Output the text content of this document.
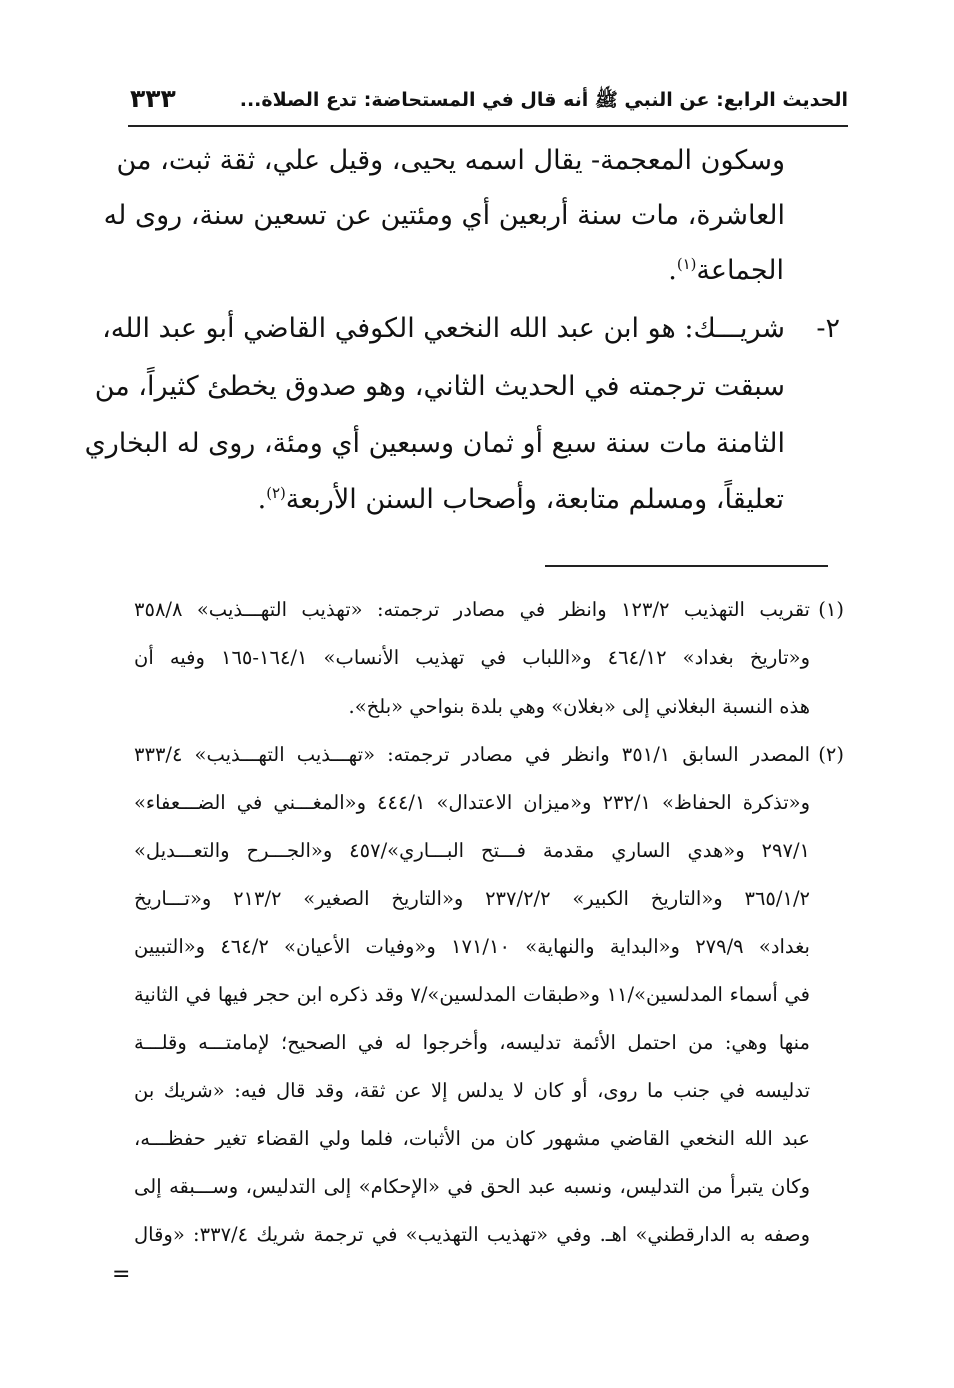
٣٣٣	الحديث الرابع: عن النبي ﷺ أنه قال في المستحاضة: تدع الصلاة...
وسكون المعجمة- يقال اسمه يحيى، وقيل علي، ثقة ثبت، من
العاشرة، مات سنة أربعين أي ومئتين عن تسعين سنة، روى له
الجماعة$^{(١)}$.
٢-
شريـــك: هو ابن عبد الله النخعي الكوفي القاضي أبو عبد الله،
سبقت ترجمته في الحديث الثاني، وهو صدوق يخطئ كثيراً، من
الثامنة مات سنة سبع أو ثمان وسبعين أي ومئة، روى له البخاري
تعليقاً، ومسلم متابعة، وأصحاب السنن الأربعة$^{(٢)}$.
(١)
تقريب التهذيب ١٢٣/٢ وانظر في مصادر ترجمته: «تهذيب التهـــذيب» ٣٥٨/٨
و«تاريخ بغداد» ٤٦٤/١٢ و«اللباب في تهذيب الأنساب» ١٦٤/١-١٦٥ وفيه أن
هذه النسبة البغلاني إلى «بغلان» وهي بلدة بنواحي «بلخ».
(٢)
المصدر السابق ٣٥١/١ وانظر في مصادر ترجمته: «تهـــذيب التهـــذيب» ٣٣٣/٤
و«تذكرة الحفاظ» ٢٣٢/١ و«ميزان الاعتدال» ٤٤٤/١ و«المغـــني في الضـــعفاء»
٢٩٧/١ و«هدي الساري مقدمة فـــتح البـــاري»/٤٥٧ و«الجـــرح والتعـــديل»
٣٦٥/١/٢ و«التاريخ الكبير» ٢٣٧/٢/٢ و«التاريخ الصغير» ٢١٣/٢ و«تـــاريخ
بغداد» ٢٧٩/٩ و«البداية والنهاية» ١٧١/١٠ و«وفيات الأعيان» ٤٦٤/٢ و«التبيين
في أسماء المدلسين»/١١ و«طبقات المدلسين»/٧ وقد ذكره ابن حجر فيها في الثانية
منها وهي: من احتمل الأئمة تدليسه، وأخرجوا له في الصحيح؛ لإمامتـــه وقلـــة
تدليسه في جنب ما روى، أو كان لا يدلس إلا عن ثقة، وقد قال فيه: «شريك بن
عبد الله النخعي القاضي مشهور كان من الأثبات، فلما ولي القضاء تغير حفظـــه،
وكان يتبرأ من التدليس، ونسبه عبد الحق في «الإحكام» إلى التدليس، وســـبقه إلى
وصفه به الدارقطني» اهـ. وفي «تهذيب التهذيب» في ترجمة شريك ٣٣٧/٤: «وقال
=
